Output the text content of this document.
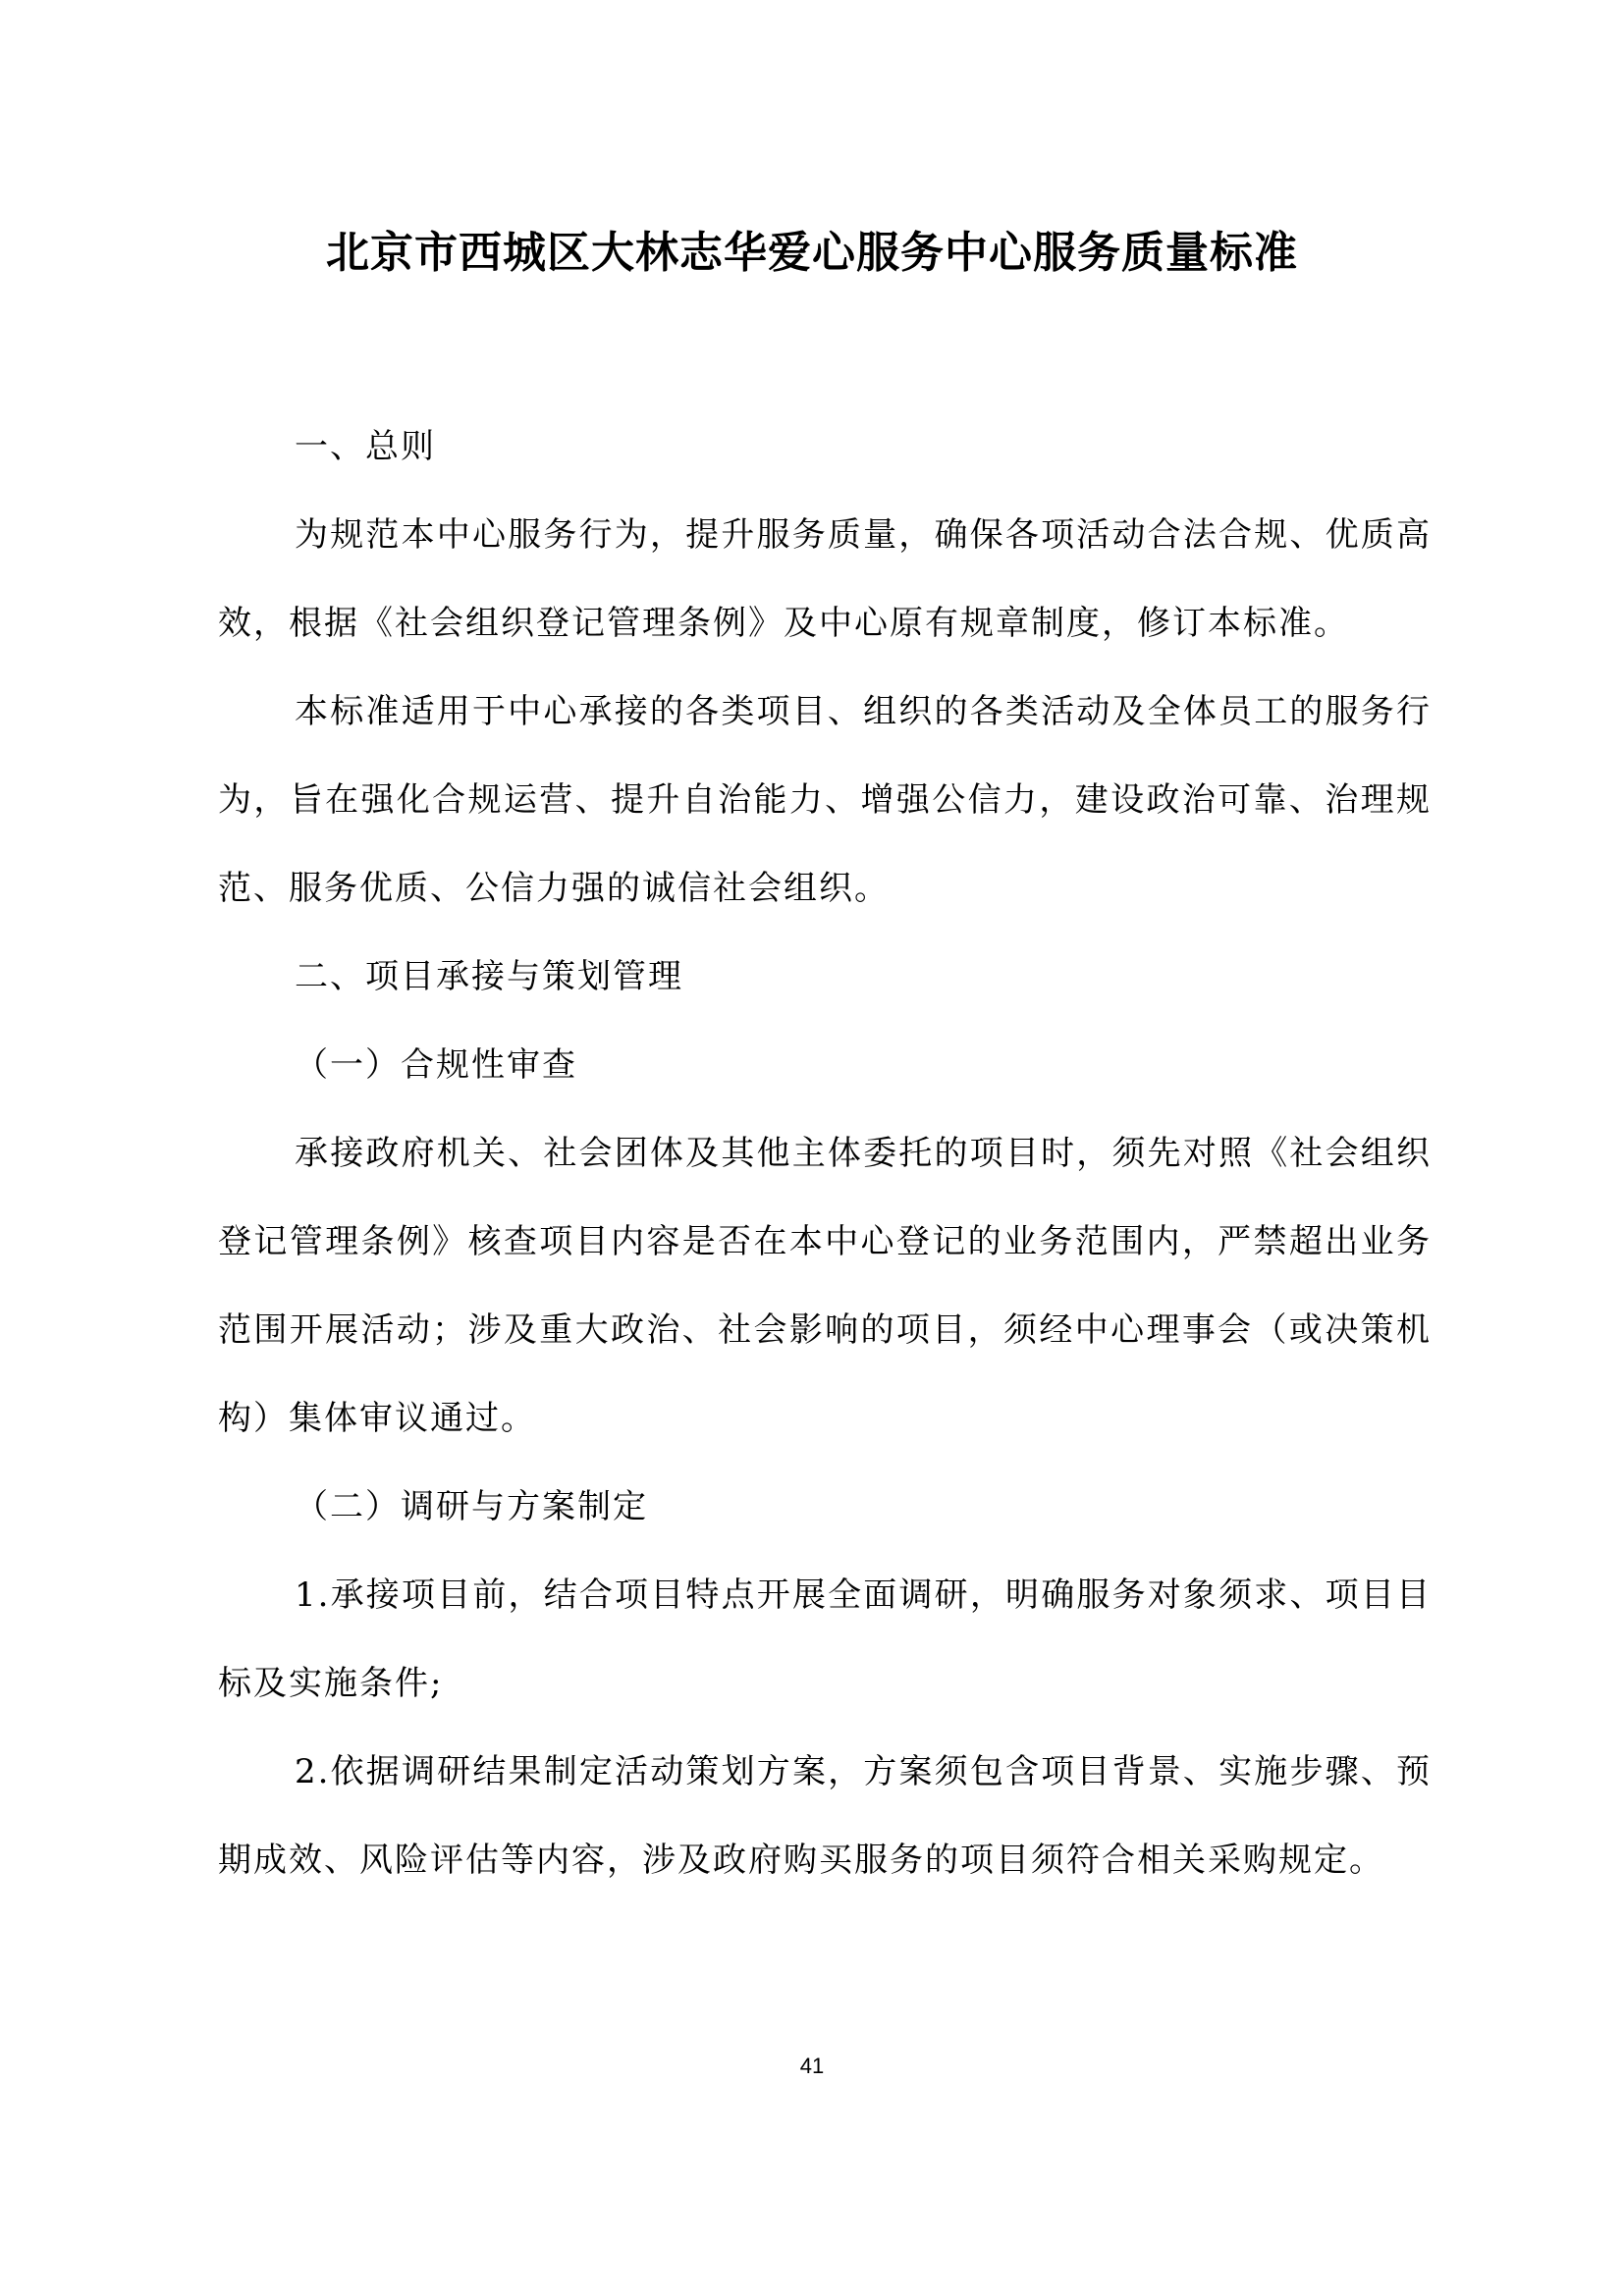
北京市西城区大林志华爱心服务中心服务质量标准

一、总则

为规范本中心服务行为，提升服务质量，确保各项活动合法合规、优质高效，根据《社会组织登记管理条例》及中心原有规章制度，修订本标准。

本标准适用于中心承接的各类项目、组织的各类活动及全体员工的服务行为，旨在强化合规运营、提升自治能力、增强公信力，建设政治可靠、治理规范、服务优质、公信力强的诚信社会组织。

二、项目承接与策划管理

（一）合规性审查

承接政府机关、社会团体及其他主体委托的项目时，须先对照《社会组织登记管理条例》核查项目内容是否在本中心登记的业务范围内，严禁超出业务范围开展活动；涉及重大政治、社会影响的项目，须经中心理事会（或决策机构）集体审议通过。

（二）调研与方案制定

1.承接项目前，结合项目特点开展全面调研，明确服务对象须求、项目目标及实施条件;

2.依据调研结果制定活动策划方案，方案须包含项目背景、实施步骤、预期成效、风险评估等内容，涉及政府购买服务的项目须符合相关采购规定。

41
